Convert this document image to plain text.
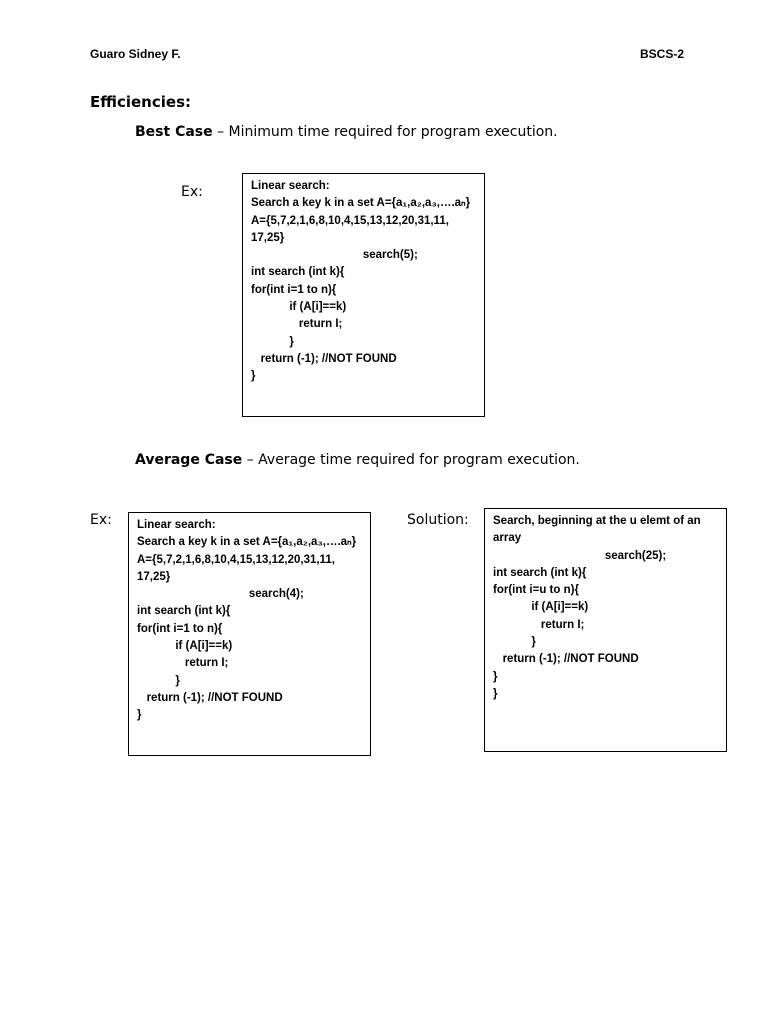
Guaro Sidney F.	BSCS-2
Efficiencies:
Best Case – Minimum time required for program execution.
Ex:	Linear search:
Search a key k in a set A={a₁,a₂,a₃,….aₙ}
A={5,7,2,1,6,8,10,4,15,13,12,20,31,11,
17,25}
search(5);
int search (int k){
for(int i=1 to n){
if (A[i]==k)
return I;
}
return (-1); //NOT FOUND
}
Average Case – Average time required for program execution.
Ex: Linear search:
Search a key k in a set A={a₁,a₂,a₃,….aₙ}
A={5,7,2,1,6,8,10,4,15,13,12,20,31,11,
17,25}
search(4);
int search (int k){
for(int i=1 to n){
if (A[i]==k)
return I;
}
return (-1); //NOT FOUND
}
Solution: Search, beginning at the u elemt of an
array
search(25);
int search (int k){
for(int i=u to n){
if (A[i]==k)
return I;
}
return (-1); //NOT FOUND
}
}
